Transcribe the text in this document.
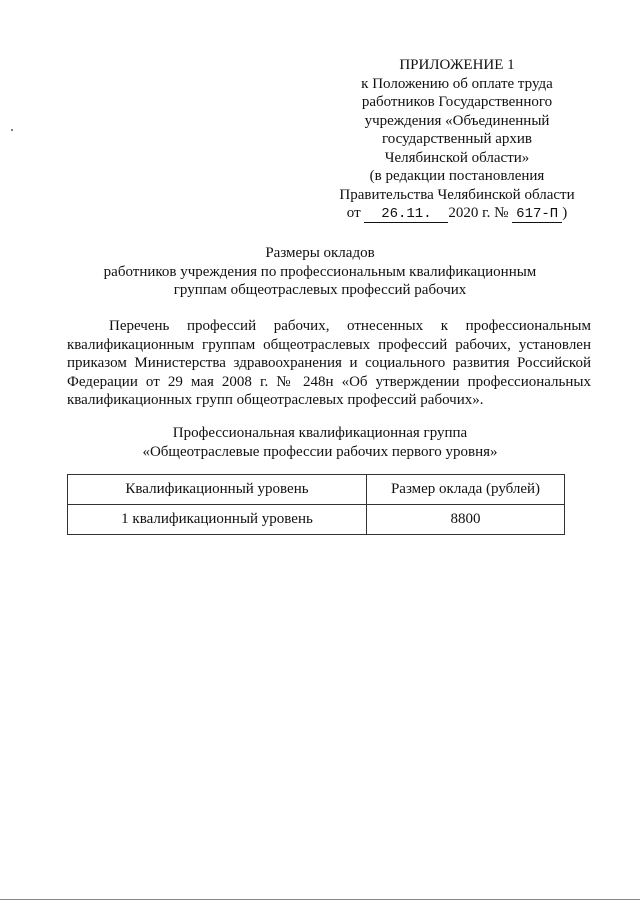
ПРИЛОЖЕНИЕ 1
к Положению об оплате труда
работников Государственного
учреждения «Объединенный
государственный архив
Челябинской области»
(в редакции постановления
Правительства Челябинской области
от 26.11. 2020 г. № 617-П )
Размеры окладов
работников учреждения по профессиональным квалификационным
группам общеотраслевых профессий рабочих

Перечень профессий рабочих, отнесенных к профессиональным квалификационным группам общеотраслевых профессий рабочих, установлен приказом Министерства здравоохранения и социального развития Российской Федерации от 29 мая 2008 г. № 248н «Об утверждении профессиональных квалификационных групп общеотраслевых профессий рабочих».

Профессиональная квалификационная группа
«Общеотраслевые профессии рабочих первого уровня»
Квалификационный уровень	Размер оклада (рублей)
1 квалификационный уровень	8800
